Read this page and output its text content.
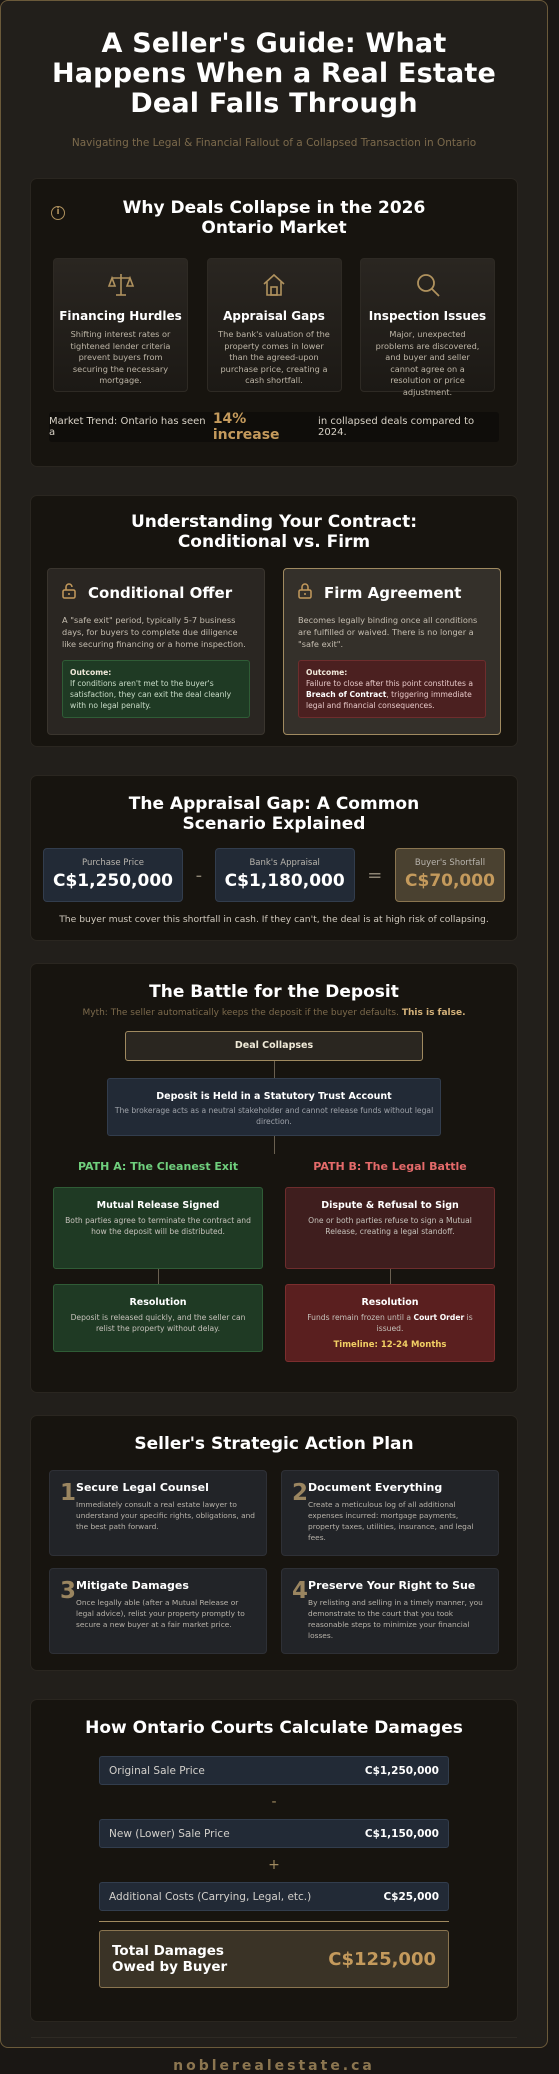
A Seller's Guide: What Happens When a Real Estate Deal Falls Through

Navigating the Legal & Financial Fallout of a Collapsed Transaction in Ontario

i	Why Deals Collapse in the 2026 Ontario Market
Financing Hurdles

Shifting interest rates or tightened lender criteria prevent buyers from securing the necessary mortgage.

Appraisal Gaps

The bank's valuation of the property comes in lower than the agreed-upon purchase price, creating a cash shortfall.

Inspection Issues

Major, unexpected problems are discovered, and buyer and seller cannot agree on a resolution or price adjustment.

Market Trend: Ontario has seen a
14% increase
in collapsed deals compared to 2024.
Understanding Your Contract: Conditional vs. Firm
Conditional Offer

A "safe exit" period, typically 5-7 business days, for buyers to complete due diligence like securing financing or a home inspection.

Outcome:
If conditions aren't met to the buyer's satisfaction, they can exit the deal cleanly with no legal penalty.
Firm Agreement

Becomes legally binding once all conditions are fulfilled or waived. There is no longer a "safe exit".

Outcome:
Failure to close after this point constitutes a Breach of Contract, triggering immediate legal and financial consequences.
The Appraisal Gap: A Common Scenario Explained
Purchase Price
C$1,250,000	-
Bank's Appraisal
C$1,180,000	=
Buyer's Shortfall
C$70,000

The buyer must cover this shortfall in cash. If they can't, the deal is at high risk of collapsing.

The Battle for the Deposit

Myth: The seller automatically keeps the deposit if the buyer defaults. This is false.

Deal Collapses
Deposit is Held in a Statutory Trust Account

The brokerage acts as a neutral stakeholder and cannot release funds without legal direction.

PATH A: The Cleanest Exit
Mutual Release Signed

Both parties agree to terminate the contract and how the deposit will be distributed.

Resolution

Deposit is released quickly, and the seller can relist the property without delay.

PATH B: The Legal Battle
Dispute & Refusal to Sign

One or both parties refuse to sign a Mutual Release, creating a legal standoff.

Resolution

Funds remain frozen until a Court Order is issued.

Timeline: 12-24 Months
Seller's Strategic Action Plan
1 Secure Legal Counsel

Immediately consult a real estate lawyer to understand your specific rights, obligations, and the best path forward.

2 Document Everything

Create a meticulous log of all additional expenses incurred: mortgage payments, property taxes, utilities, insurance, and legal fees.

3 Mitigate Damages

Once legally able (after a Mutual Release or legal advice), relist your property promptly to secure a new buyer at a fair market price.

4 Preserve Your Right to Sue

By relisting and selling in a timely manner, you demonstrate to the court that you took reasonable steps to minimize your financial losses.

How Ontario Courts Calculate Damages
Original Sale Price	C$1,250,000
-
New (Lower) Sale Price	C$1,150,000
+
Additional Costs (Carrying, Legal, etc.)	C$25,000
Total Damages Owed by Buyer	C$125,000
noblerealestate.ca
